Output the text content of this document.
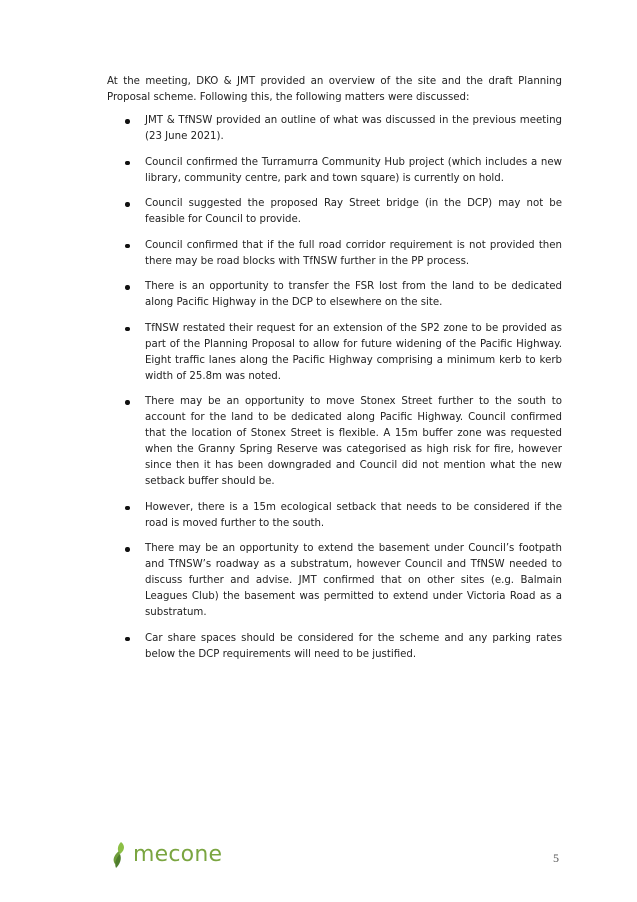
At the meeting, DKO & JMT provided an overview of the site and the draft Planning Proposal scheme. Following this, the following matters were discussed:

JMT & TfNSW provided an outline of what was discussed in the previous meeting (23 June 2021).
Council confirmed the Turramurra Community Hub project (which includes a new library, community centre, park and town square) is currently on hold.
Council suggested the proposed Ray Street bridge (in the DCP) may not be feasible for Council to provide.
Council confirmed that if the full road corridor requirement is not provided then there may be road blocks with TfNSW further in the PP process.
There is an opportunity to transfer the FSR lost from the land to be dedicated along Pacific Highway in the DCP to elsewhere on the site.
TfNSW restated their request for an extension of the SP2 zone to be provided as part of the Planning Proposal to allow for future widening of the Pacific Highway. Eight traffic lanes along the Pacific Highway comprising a minimum kerb to kerb width of 25.8m was noted.
There may be an opportunity to move Stonex Street further to the south to account for the land to be dedicated along Pacific Highway. Council confirmed that the location of Stonex Street is flexible. A 15m buffer zone was requested when the Granny Spring Reserve was categorised as high risk for fire, however since then it has been downgraded and Council did not mention what the new setback buffer should be.
However, there is a 15m ecological setback that needs to be considered if the road is moved further to the south.
There may be an opportunity to extend the basement under Council’s footpath and TfNSW’s roadway as a substratum, however Council and TfNSW needed to discuss further and advise. JMT confirmed that on other sites (e.g. Balmain Leagues Club) the basement was permitted to extend under Victoria Road as a substratum.
Car share spaces should be considered for the scheme and any parking rates below the DCP requirements will need to be justified.
mecone	5
